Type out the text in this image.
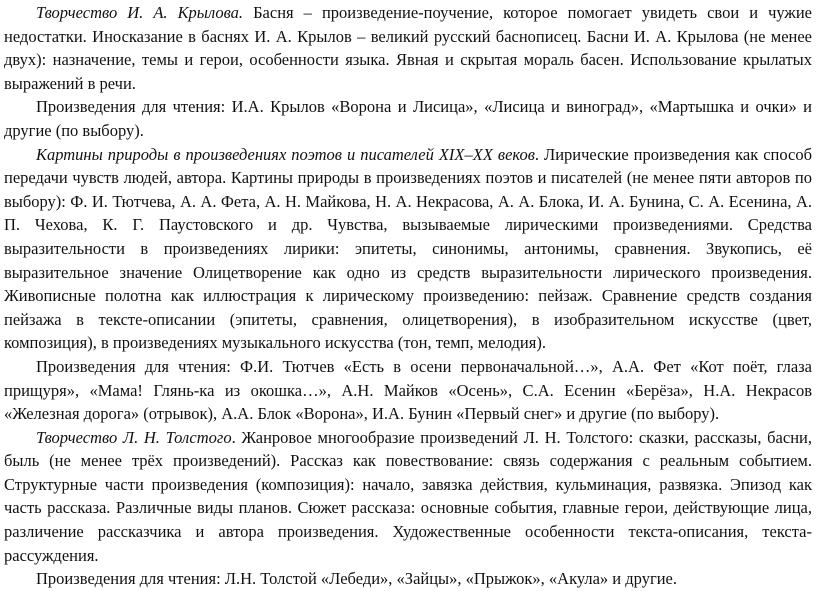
Творчество И. А. Крылова. Басня – произведение-поучение, которое помогает увидеть свои и чужие недостатки. Иносказание в баснях И. А. Крылов – великий русский баснописец. Басни И. А. Крылова (не менее двух): назначение, темы и герои, особенности языка. Явная и скрытая мораль басен. Использование крылатых выражений в речи.

Произведения для чтения: И.А. Крылов «Ворона и Лисица», «Лисица и виноград», «Мартышка и очки» и другие (по выбору).

Картины природы в произведениях поэтов и писателей XIX–XX веков. Лирические произведения как способ передачи чувств людей, автора. Картины природы в произведениях поэтов и писателей (не менее пяти авторов по выбору): Ф. И. Тютчева, А. А. Фета, А. Н. Майкова, Н. А. Некрасова, А. А. Блока, И. А. Бунина, С. А. Есенина, А. П. Чехова, К. Г. Паустовского и др. Чувства, вызываемые лирическими произведениями. Средства выразительности в произведениях лирики: эпитеты, синонимы, антонимы, сравнения. Звукопись, её выразительное значение Олицетворение как одно из средств выразительности лирического произведения. Живописные полотна как иллюстрация к лирическому произведению: пейзаж. Сравнение средств создания пейзажа в тексте-описании (эпитеты, сравнения, олицетворения), в изобразительном искусстве (цвет, композиция), в произведениях музыкального искусства (тон, темп, мелодия).

Произведения для чтения: Ф.И. Тютчев «Есть в осени первоначальной…», А.А. Фет «Кот поёт, глаза прищуря», «Мама! Глянь-ка из окошка…», А.Н. Майков «Осень», С.А. Есенин «Берёза», Н.А. Некрасов «Железная дорога» (отрывок), А.А. Блок «Ворона», И.А. Бунин «Первый снег» и другие (по выбору).

Творчество Л. Н. Толстого. Жанровое многообразие произведений Л. Н. Толстого: сказки, рассказы, басни, быль (не менее трёх произведений). Рассказ как повествование: связь содержания с реальным событием. Структурные части произведения (композиция): начало, завязка действия, кульминация, развязка. Эпизод как часть рассказа. Различные виды планов. Сюжет рассказа: основные события, главные герои, действующие лица, различение рассказчика и автора произведения. Художественные особенности текста-описания, текста-рассуждения.

Произведения для чтения: Л.Н. Толстой «Лебеди», «Зайцы», «Прыжок», «Акула» и другие.
